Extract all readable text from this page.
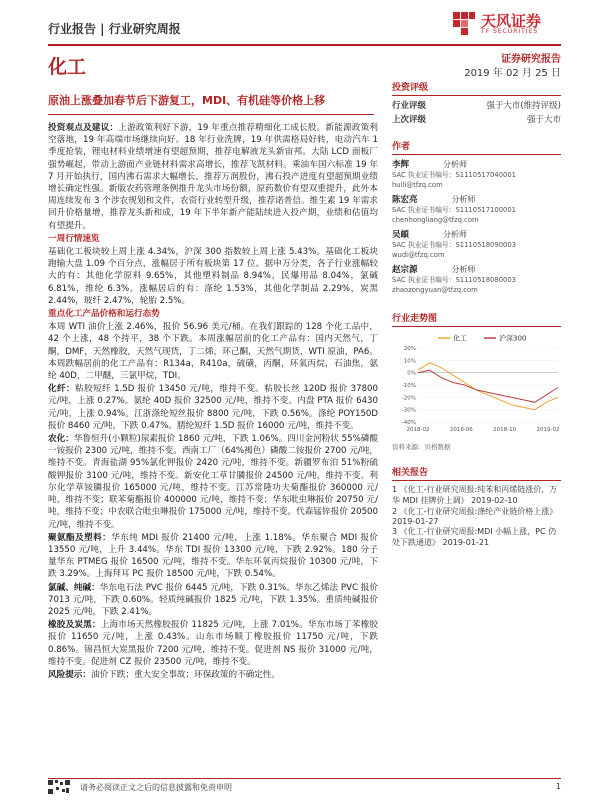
行业报告 | 行业研究周报	天风证券
TF SECURITIES
化工	证券研究报告
2019 年 02 月 25 日
原油上涨叠加春节后下游复工，MDI、有机硅等价格上移

投资观点及建议：上游政策利好下游，19 年重点推荐精细化工成长股。新能源政策利空落地，19 年高端市场继续向好。18 年行业洗牌，19 年供需格局好转，电动汽车 1 季度抢装，锂电材料业绩增速有望超预期，推荐电解液龙头新宙邦。大陆 LCD 面板厂强势崛起，带动上游面产业链材料需求高增长，推荐飞凯材料。乘油车国六标准 19 年 7 月开始执行，国内沸石需求大幅增长，推荐万润股份，沸石投产进度有望超预期业绩增长确定性强。新版农药管理条例推升龙头市场份额，原药数价有望双重提升，此外本周连续发布 3 个涉农规划和文件，农资行业转型升级，推荐诺普信。维生素 19 年需求回升价格量增，推荐龙头新和成，19 年下半年新产能陆续进入投产期，业绩和估值均有望提升。

一周行情速览

基础化工板块较上周上涨 4.34%，沪深 300 指数较上周上涨 5.43%。基础化工板块跑输大盘 1.09 个百分点，涨幅居于所有板块第 17 位。据申万分类，各子行业涨幅较大的有：其他化学原料 9.65%，其他塑料制品 8.94%，民爆用品 8.04%，氯碱 6.81%，维纶 6.3%。涨幅居后的有：涤纶 1.53%，其他化学制品 2.29%，炭黑 2.44%，玻纤 2.47%，轮胎 2.5%。

重点化工产品价格和运行态势

本周 WTI 油价上涨 2.46%，报价 56.96 美元/桶。在我们跟踪的 128 个化工品中，42 个上涨，48 个持平，38 个下跌。本周涨幅居前的化工产品有：国内天然气，丁酮，DMF，天然橡胶，天然气现货，丁二烯，环己酮，天然气期货，WTI 原油，PA6。本周跌幅居前的化工产品有：R134a，R410a，硫磺，丙酮，环氧丙烷，石油焦，氨纶 40D，二甲醚，三氯甲烷，TDI。

化纤：粘胶短纤 1.5D 报价 13450 元/吨，维持不变。粘胶长丝 120D 报价 37800 元/吨，上涨 0.27%。氨纶 40D 报价 32500 元/吨，维持不变。内盘 PTA 报价 6430 元/吨，上涨 0.94%。江浙涤纶短丝报价 8800 元/吨，下跌 0.56%。涤纶 POY150D 报价 8460 元/吨，下跌 0.47%。腈纶短纤 1.5D 报价 16000 元/吨，维持不变。

农化：华鲁恒升(小颗粒)尿素报价 1860 元/吨，下跌 1.06%。四川金河粉状 55%磷酸一铵报价 2300 元/吨，维持不变。西南工厂（64%褐色）磷酸二铵报价 2700 元/吨，维持不变。青海盐湖 95%氯化钾报价 2420 元/吨，维持不变。新疆罗布泊 51%粉硫酸钾报价 3100 元/吨，维持不变。新安化工草甘膦报价 24500 元/吨，维持不变。利尔化学草铵膦报价 165000 元/吨，维持不变。江苏常隆功夫菊酯报价 360000 元/吨，维持不变；联苯菊酯报价 400000 元/吨，维持不变；华东吡虫啉报价 20750 元/吨，维持不变；中农联合吡虫啉报价 175000 元/吨，维持不变。代森锰锌报价 20500 元/吨，维持不变。

聚氨酯及塑料：华东纯 MDI 报价 21400 元/吨，上涨 1.18%。华东聚合 MDI 报价 13550 元/吨，上升 3.44%。华东 TDI 报价 13300 元/吨，下跌 2.92%。180 分子量华东 PTMEG 报价 16500 元/吨，维持不变。华东环氧丙烷报价 10300 元/吨，下跌 3.29%。上海拜耳 PC 报价 18500 元/吨，下跌 0.54%。

氯碱、纯碱：华东电石法 PVC 报价 6445 元/吨，下跌 0.31%。华东乙烯法 PVC 报价 7013 元/吨，下跌 0.60%。轻质纯碱报价 1825 元/吨，下跌 1.35%。重质纯碱报价 2025 元/吨，下跌 2.41%。

橡胶及炭黑：上海市场天然橡胶报价 11825 元/吨，上涨 7.01%。华东市场丁苯橡胶报价 11650 元/吨，上涨 0.43%。山东市场顺丁橡胶报价 11750 元/吨，下跌 0.86%。锦昌恒大炭黑报价 7200 元/吨，维持不变。促进剂 NS 报价 31000 元/吨，维持不变。促进剂 CZ 报价 23500 元/吨，维持不变。

风险提示：油价下跌；重大安全事故；环保政策的不确定性。

投资评级
行业评级	强于大市(维持评级)
上次评级	强于大市
作者
李辉	分析师
SAC 执业证书编号：S1110517040001
huili@tfzq.com
陈宏亮	分析师
SAC 执业证书编号：S1110517100001
chenhongliang@tfzq.com
吴頔	分析师
SAC 执业证书编号：S1110518090003
wudi@tfzq.com
赵宗源	分析师
SAC 执业证书编号：S1110518080003
zhaozongyuan@tfzq.com
行业走势图
化工	沪深300
20%
10%
0%
-10%
-20%
-30%
-40%
2018-02	2018-06	2018-10	2019-02
资料来源：贝格数据
相关报告
1 《化工-行业研究周报:纯苯和丙烯链涨价，万华 MDI 挂牌价上调》 2019-02-10
2 《化工-行业研究周报:涤纶产业链价格上涨》 2019-01-27
3 《化工-行业研究周报:MDI 小幅上涨，PC 仍处下跌通道》 2019-01-21
请务必阅读正文之后的信息披露和免责申明	1
